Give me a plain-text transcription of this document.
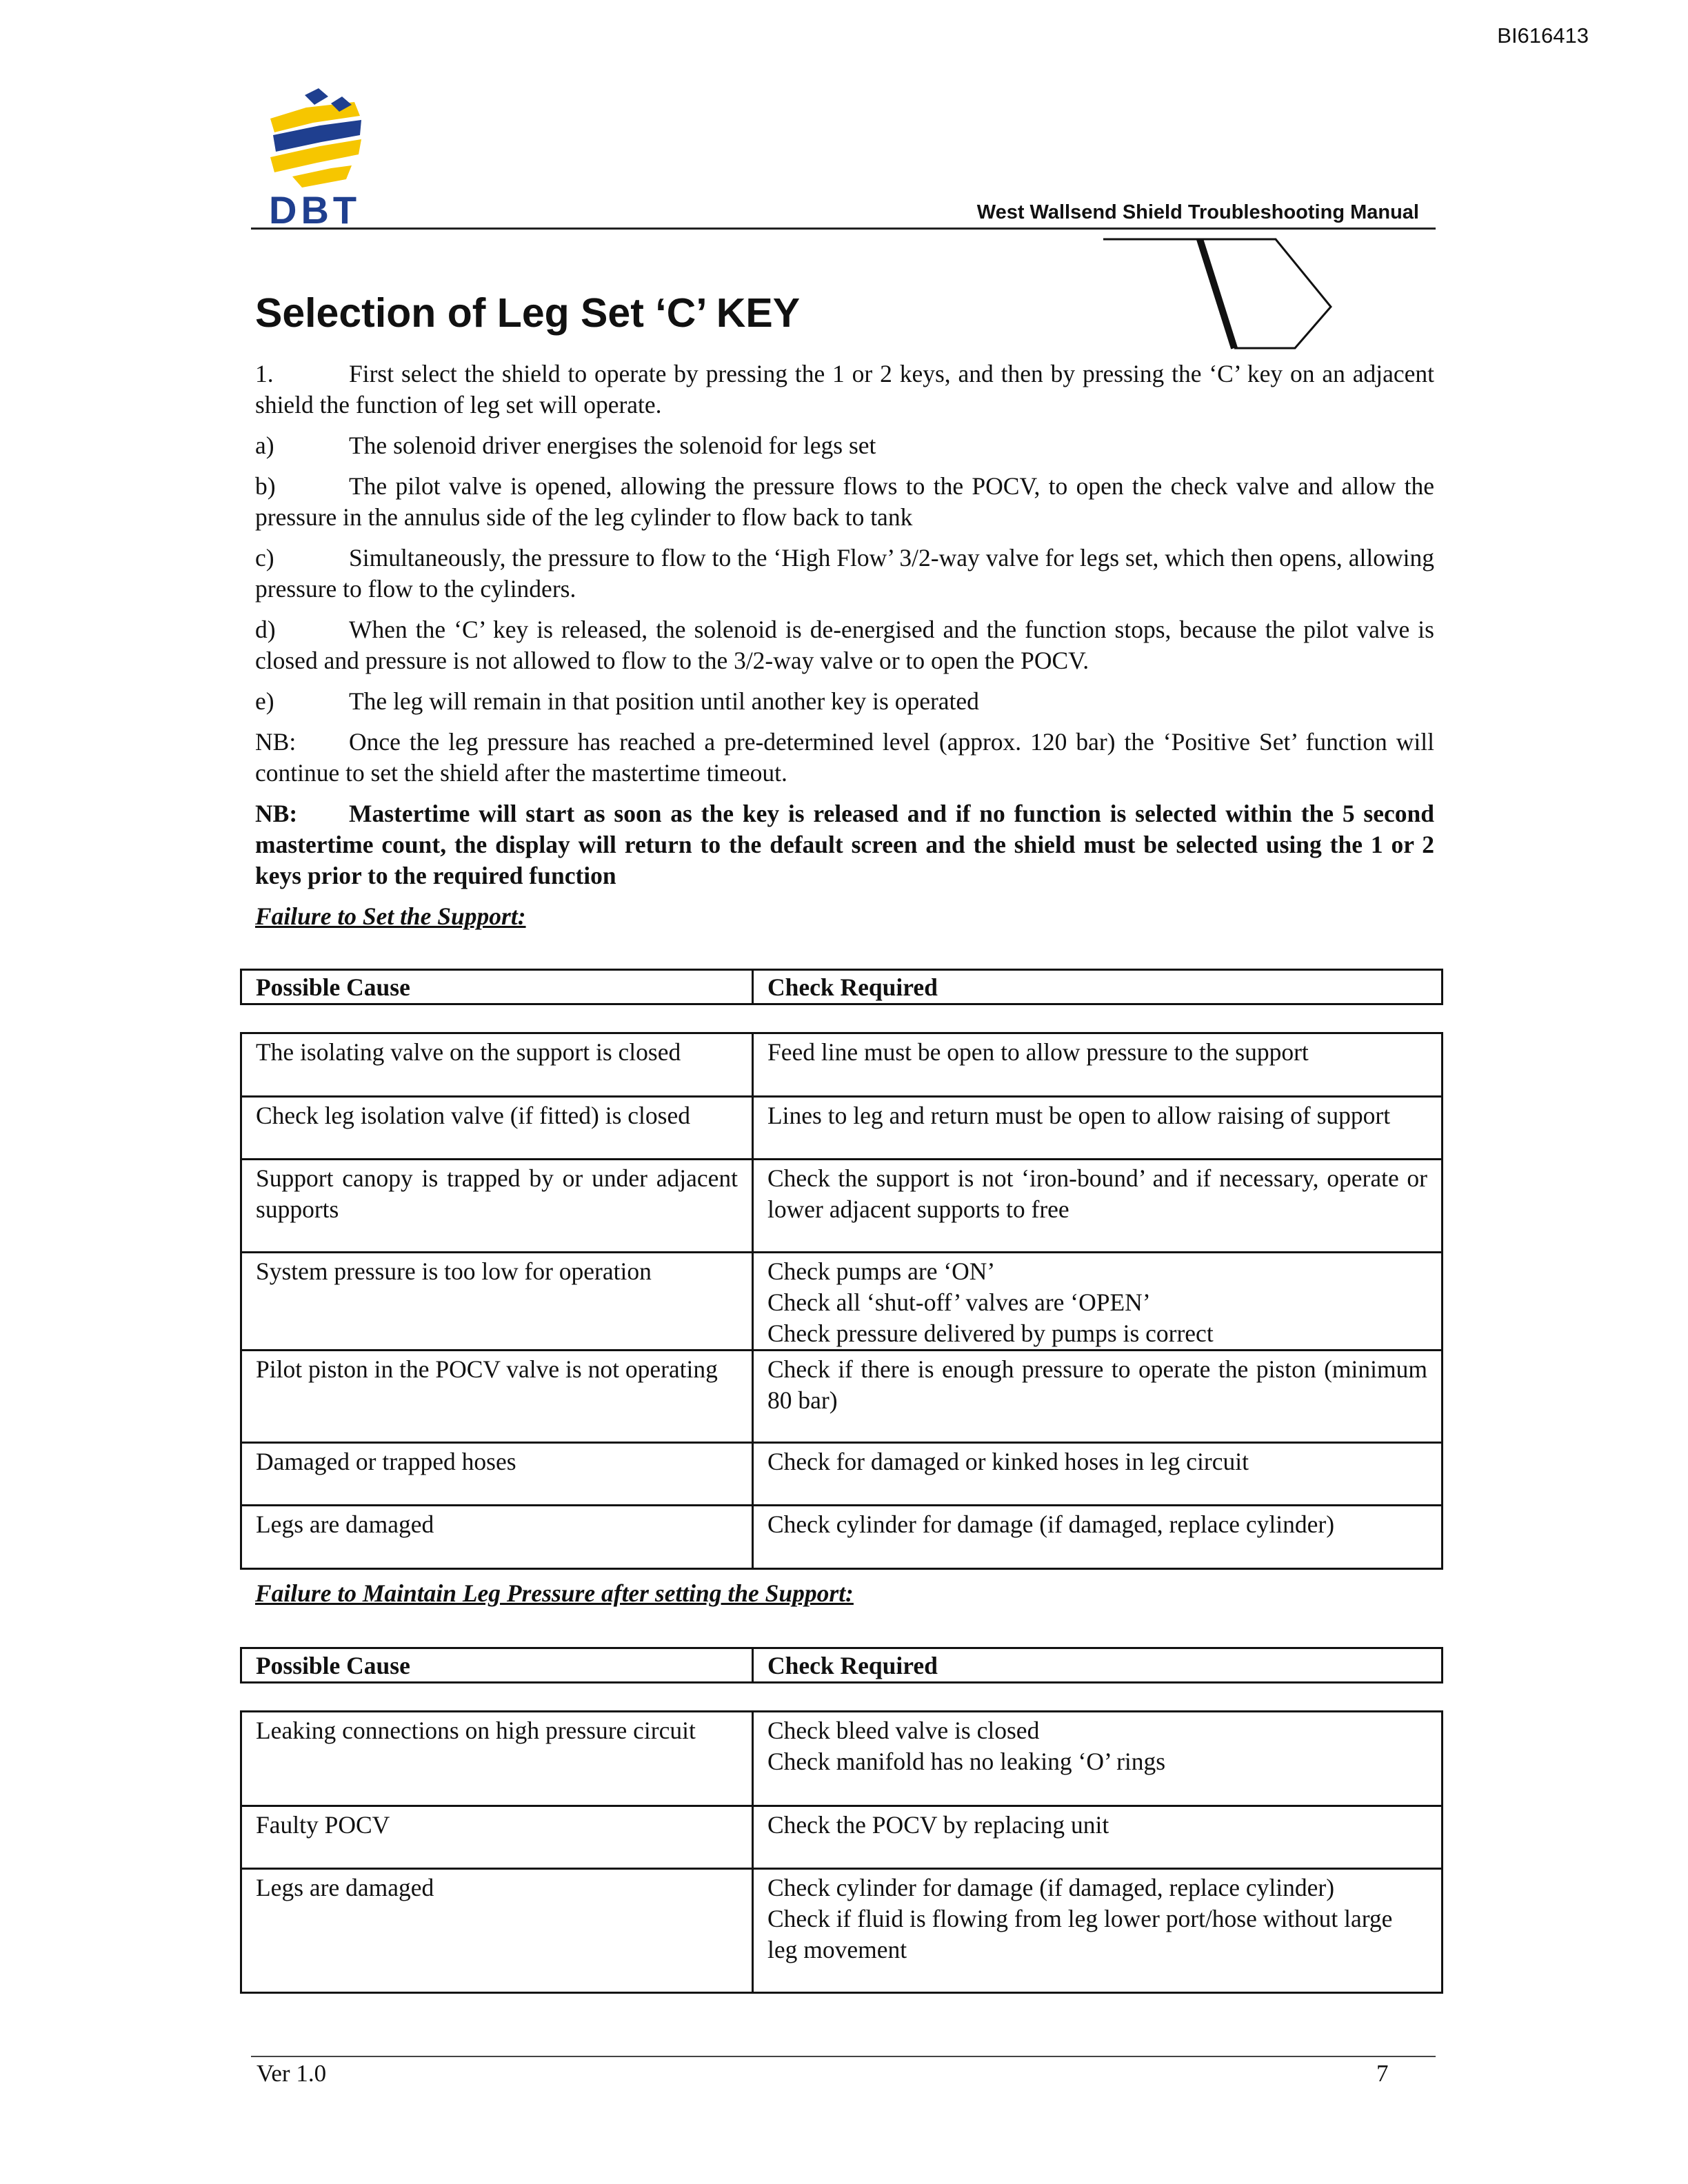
BI616413
DBT	West Wallsend Shield Troubleshooting Manual
Selection of Leg Set ‘C’ KEY

1.	First select the shield to operate by pressing the 1 or 2 keys, and then by pressing the ‘C’ key on an adjacent shield the function of leg set will operate.

a)	The solenoid driver energises the solenoid for legs set

b)	The pilot valve is opened, allowing the pressure flows to the POCV, to open the check valve and allow the pressure in the annulus side of the leg cylinder to flow back to tank

c)	Simultaneously, the pressure to flow to the ‘High Flow’ 3/2-way valve for legs set, which then opens, allowing pressure to flow to the cylinders.

d)	When the ‘C’ key is released, the solenoid is de-energised and the function stops, because the pilot valve is closed and pressure is not allowed to flow to the 3/2-way valve or to open the POCV.

e)	The leg will remain in that position until another key is operated

NB: Once the leg pressure has reached a pre-determined level (approx. 120 bar) the ‘Positive Set’ function will continue to set the shield after the mastertime timeout.

NB: Mastertime will start as soon as the key is released and if no function is selected within the 5 second mastertime count, the display will return to the default screen and the shield must be selected using the 1 or 2 keys prior to the required function

Failure to Set the Support:

Possible Cause	Check Required
The isolating valve on the support is closed	Feed line must be open to allow pressure to the support
Check leg isolation valve (if fitted) is closed	Lines to leg and return must be open to allow raising of support
Support canopy is trapped by or under adjacent supports	Check the support is not ‘iron-bound’ and if necessary, operate or lower adjacent supports to free
System pressure is too low for operation	Check pumps are ‘ON’
Check all ‘shut-off’ valves are ‘OPEN’
Check pressure delivered by pumps is correct

Pilot piston in the POCV valve is not operating	Check if there is enough pressure to operate the piston (minimum 80 bar)
Damaged or trapped hoses	Check for damaged or kinked hoses in leg circuit
Legs are damaged	Check cylinder for damage (if damaged, replace cylinder)

Failure to Maintain Leg Pressure after setting the Support:

Possible Cause	Check Required
Leaking connections on high pressure circuit	Check bleed valve is closed
Check manifold has no leaking ‘O’ rings

Faulty POCV	Check the POCV by replacing unit
Legs are damaged	Check cylinder for damage (if damaged, replace cylinder)
Check if fluid is flowing from leg lower port/hose without large leg movement
Ver 1.0	7
